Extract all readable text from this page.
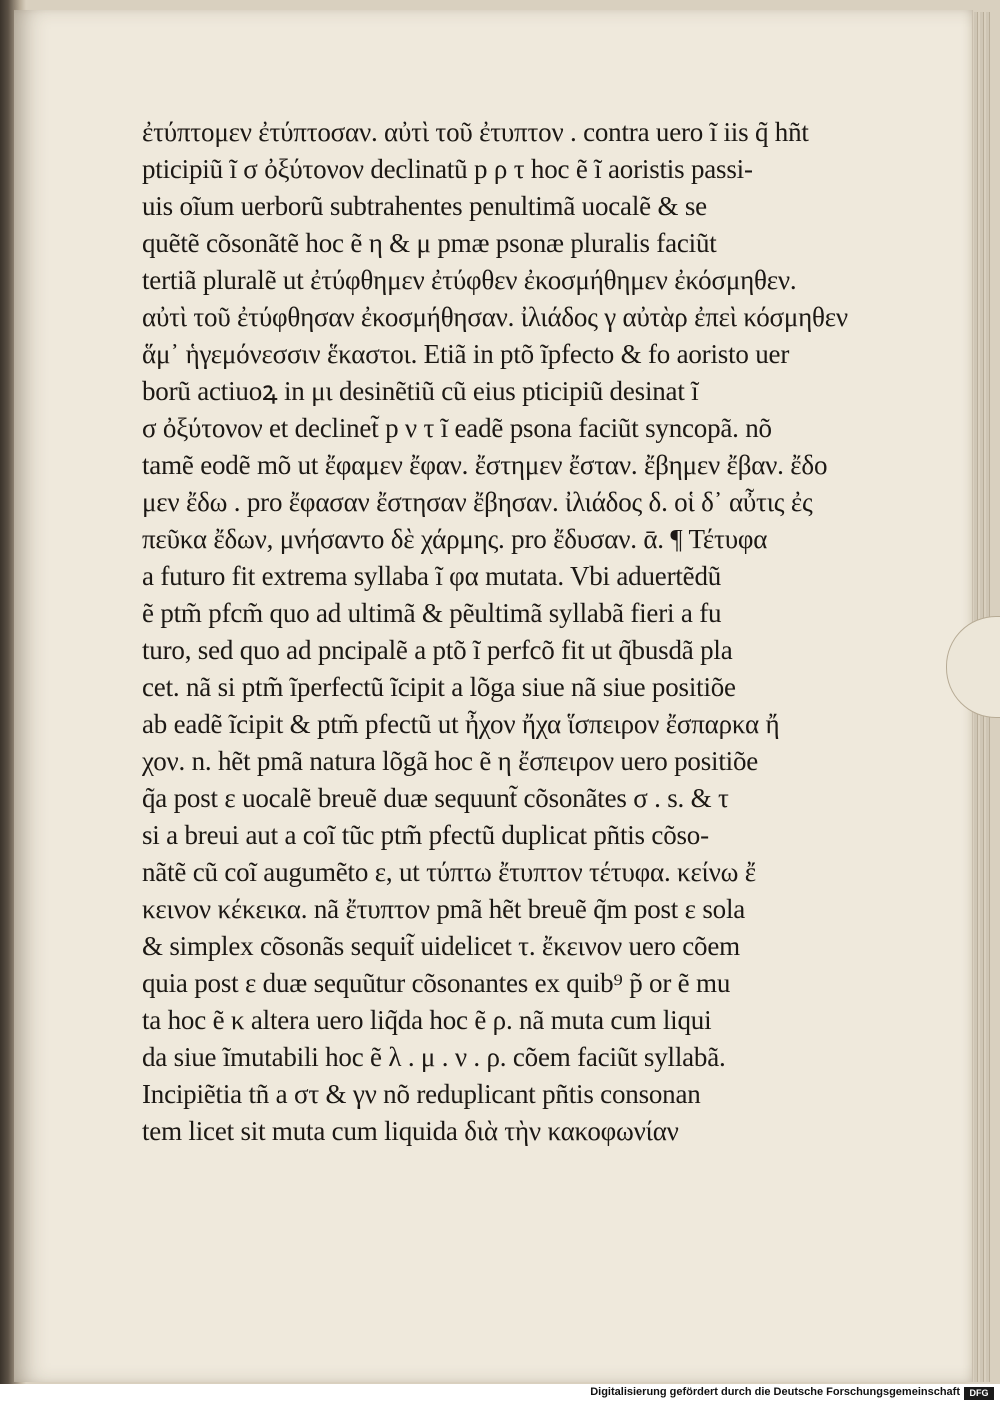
ἐτύπτομεν ἐτύπτοσαν. αὐτὶ τοῦ ἐτυπτον . contra uero ĩ iis q̃ hñt
pticipiũ ĩ σ ὀξύτονον declinatũ p ρ τ hoc ẽ ĩ aoristis passi-
uis oĩum uerborũ subtrahentes penultimã uocalẽ & se
quẽtẽ cõsonãtẽ hoc ẽ η & μ pmæ psonæ pluralis faciũt
tertiã pluralẽ ut ἐτύφθημεν ἐτύφθεν ἐκοσμήθημεν ἐκόσμηθεν.
αὐτὶ τοῦ ἐτύφθησαν ἐκοσμήθησαν. ἰλιάδος γ αὐτὰρ ἐπεὶ κόσμηθεν
ἅμ᾽ ἡγεμόνεσσιν ἕκαστοι. Etiã in ptõ ĩpfecto & fo aoristo uer
borũ actiuoꝝ in μι desinẽtiũ cũ eius pticipiũ desinat ĩ
σ ὀξύτονον et declinet̃ p ν τ ĩ eadẽ psona faciũt syncopã. nõ
tamẽ eodẽ mõ ut ἔφαμεν ἔφαν. ἔστημεν ἔσταν. ἔβημεν ἔβαν. ἔδο
μεν ἔδω . pro ἔφασαν ἔστησαν ἔβησαν. ἰλιάδος δ. οἱ δ᾽ αὖτις ἐς
πεῦκα ἔδων, μνήσαντο δὲ χάρμης. pro ἔδυσαν. ᾱ. ¶ Τέτυφα
a futuro fit extrema syllaba ĩ φα mutata. Vbi aduertẽdũ
ẽ ptm̃ pfcm̃ quo ad ultimã & pẽultimã syllabã fieri a fu
turo, sed quo ad pncipalẽ a ptõ ĩ perfcõ fit ut q̃busdã pla
cet. nã si ptm̃ ĩperfectũ ĩcipit a lõga siue nã siue positiõe
ab eadẽ ĩcipit & ptm̃ pfectũ ut ἦχον ἤχα ἵσπειρον ἔσπαρκα ἤ
χον. n. hẽt pmã natura lõgã hoc ẽ η ἔσπειρον uero positiõe
q̃a post ε uocalẽ breuẽ duæ sequunt̃ cõsonãtes σ . s. & τ
si a breui aut a coĩ tũc ptm̃ pfectũ duplicat pñtis cõso-
nãtẽ cũ coĩ augumẽto ε, ut τύπτω ἔτυπτον τέτυφα. κείνω ἔ
κεινον κέκεικα. nã ἔτυπτον pmã hẽt breuẽ q̃m post ε sola
& simplex cõsonãs sequit̃ uidelicet τ. ἔκεινον uero cõem
quia post ε duæ sequũtur cõsonantes ex quib⁹ p̃ or ẽ mu
ta hoc ẽ κ altera uero liq̃da hoc ẽ ρ. nã muta cum liqui
da siue ĩmutabili hoc ẽ λ . μ . ν . ρ. cõem faciũt syllabã.
Incipiẽtia tñ a στ & γν nõ reduplicant pñtis consonan
tem licet sit muta cum liquida διὰ τὴν κακοφωνίαν
Digitalisierung gefördert durch die Deutsche Forschungsgemeinschaft	DFG
